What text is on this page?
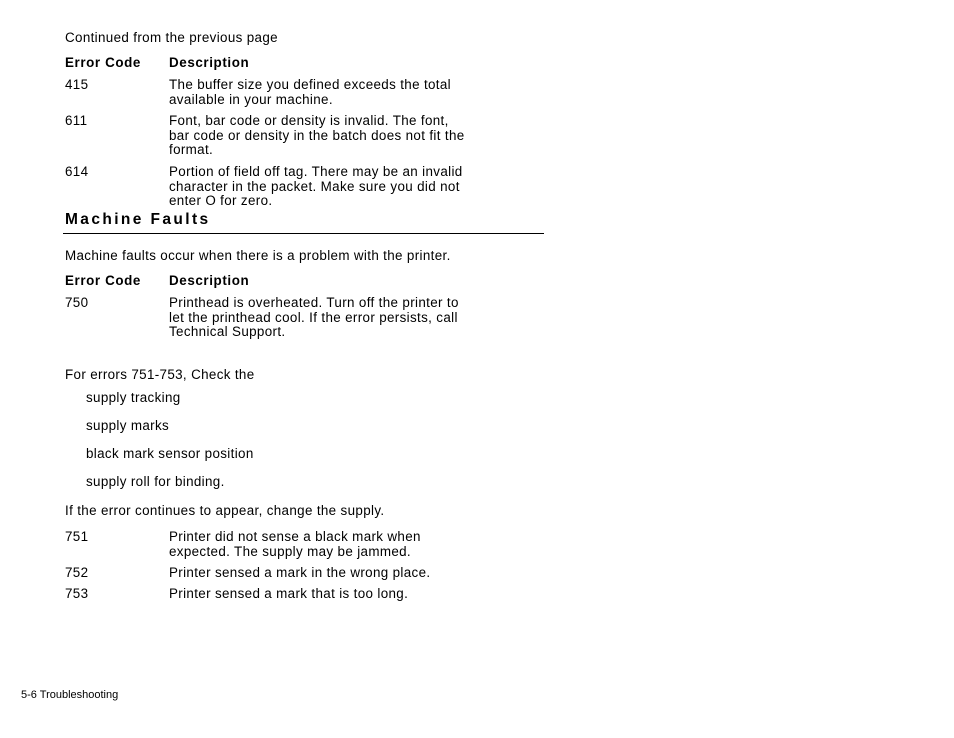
Continued from the previous page
Error Code Description
415	The buffer size you defined exceeds the total
available in your machine.
611	Font, bar code or density is invalid. The font,
bar code or density in the batch does not fit the
format.
614	Portion of field off tag. There may be an invalid
character in the packet. Make sure you did not
enter O for zero.
Machine Faults
Machine faults occur when there is a problem with the printer.
Error Code Description
750	Printhead is overheated. Turn off the printer to
let the printhead cool. If the error persists, call
Technical Support.
For errors 751-753, Check the
supply tracking
supply marks
black mark sensor position
supply roll for binding.
If the error continues to appear, change the supply.
751	Printer did not sense a black mark when
expected. The supply may be jammed.
752	Printer sensed a mark in the wrong place.
753	Printer sensed a mark that is too long.
5-6 Troubleshooting
